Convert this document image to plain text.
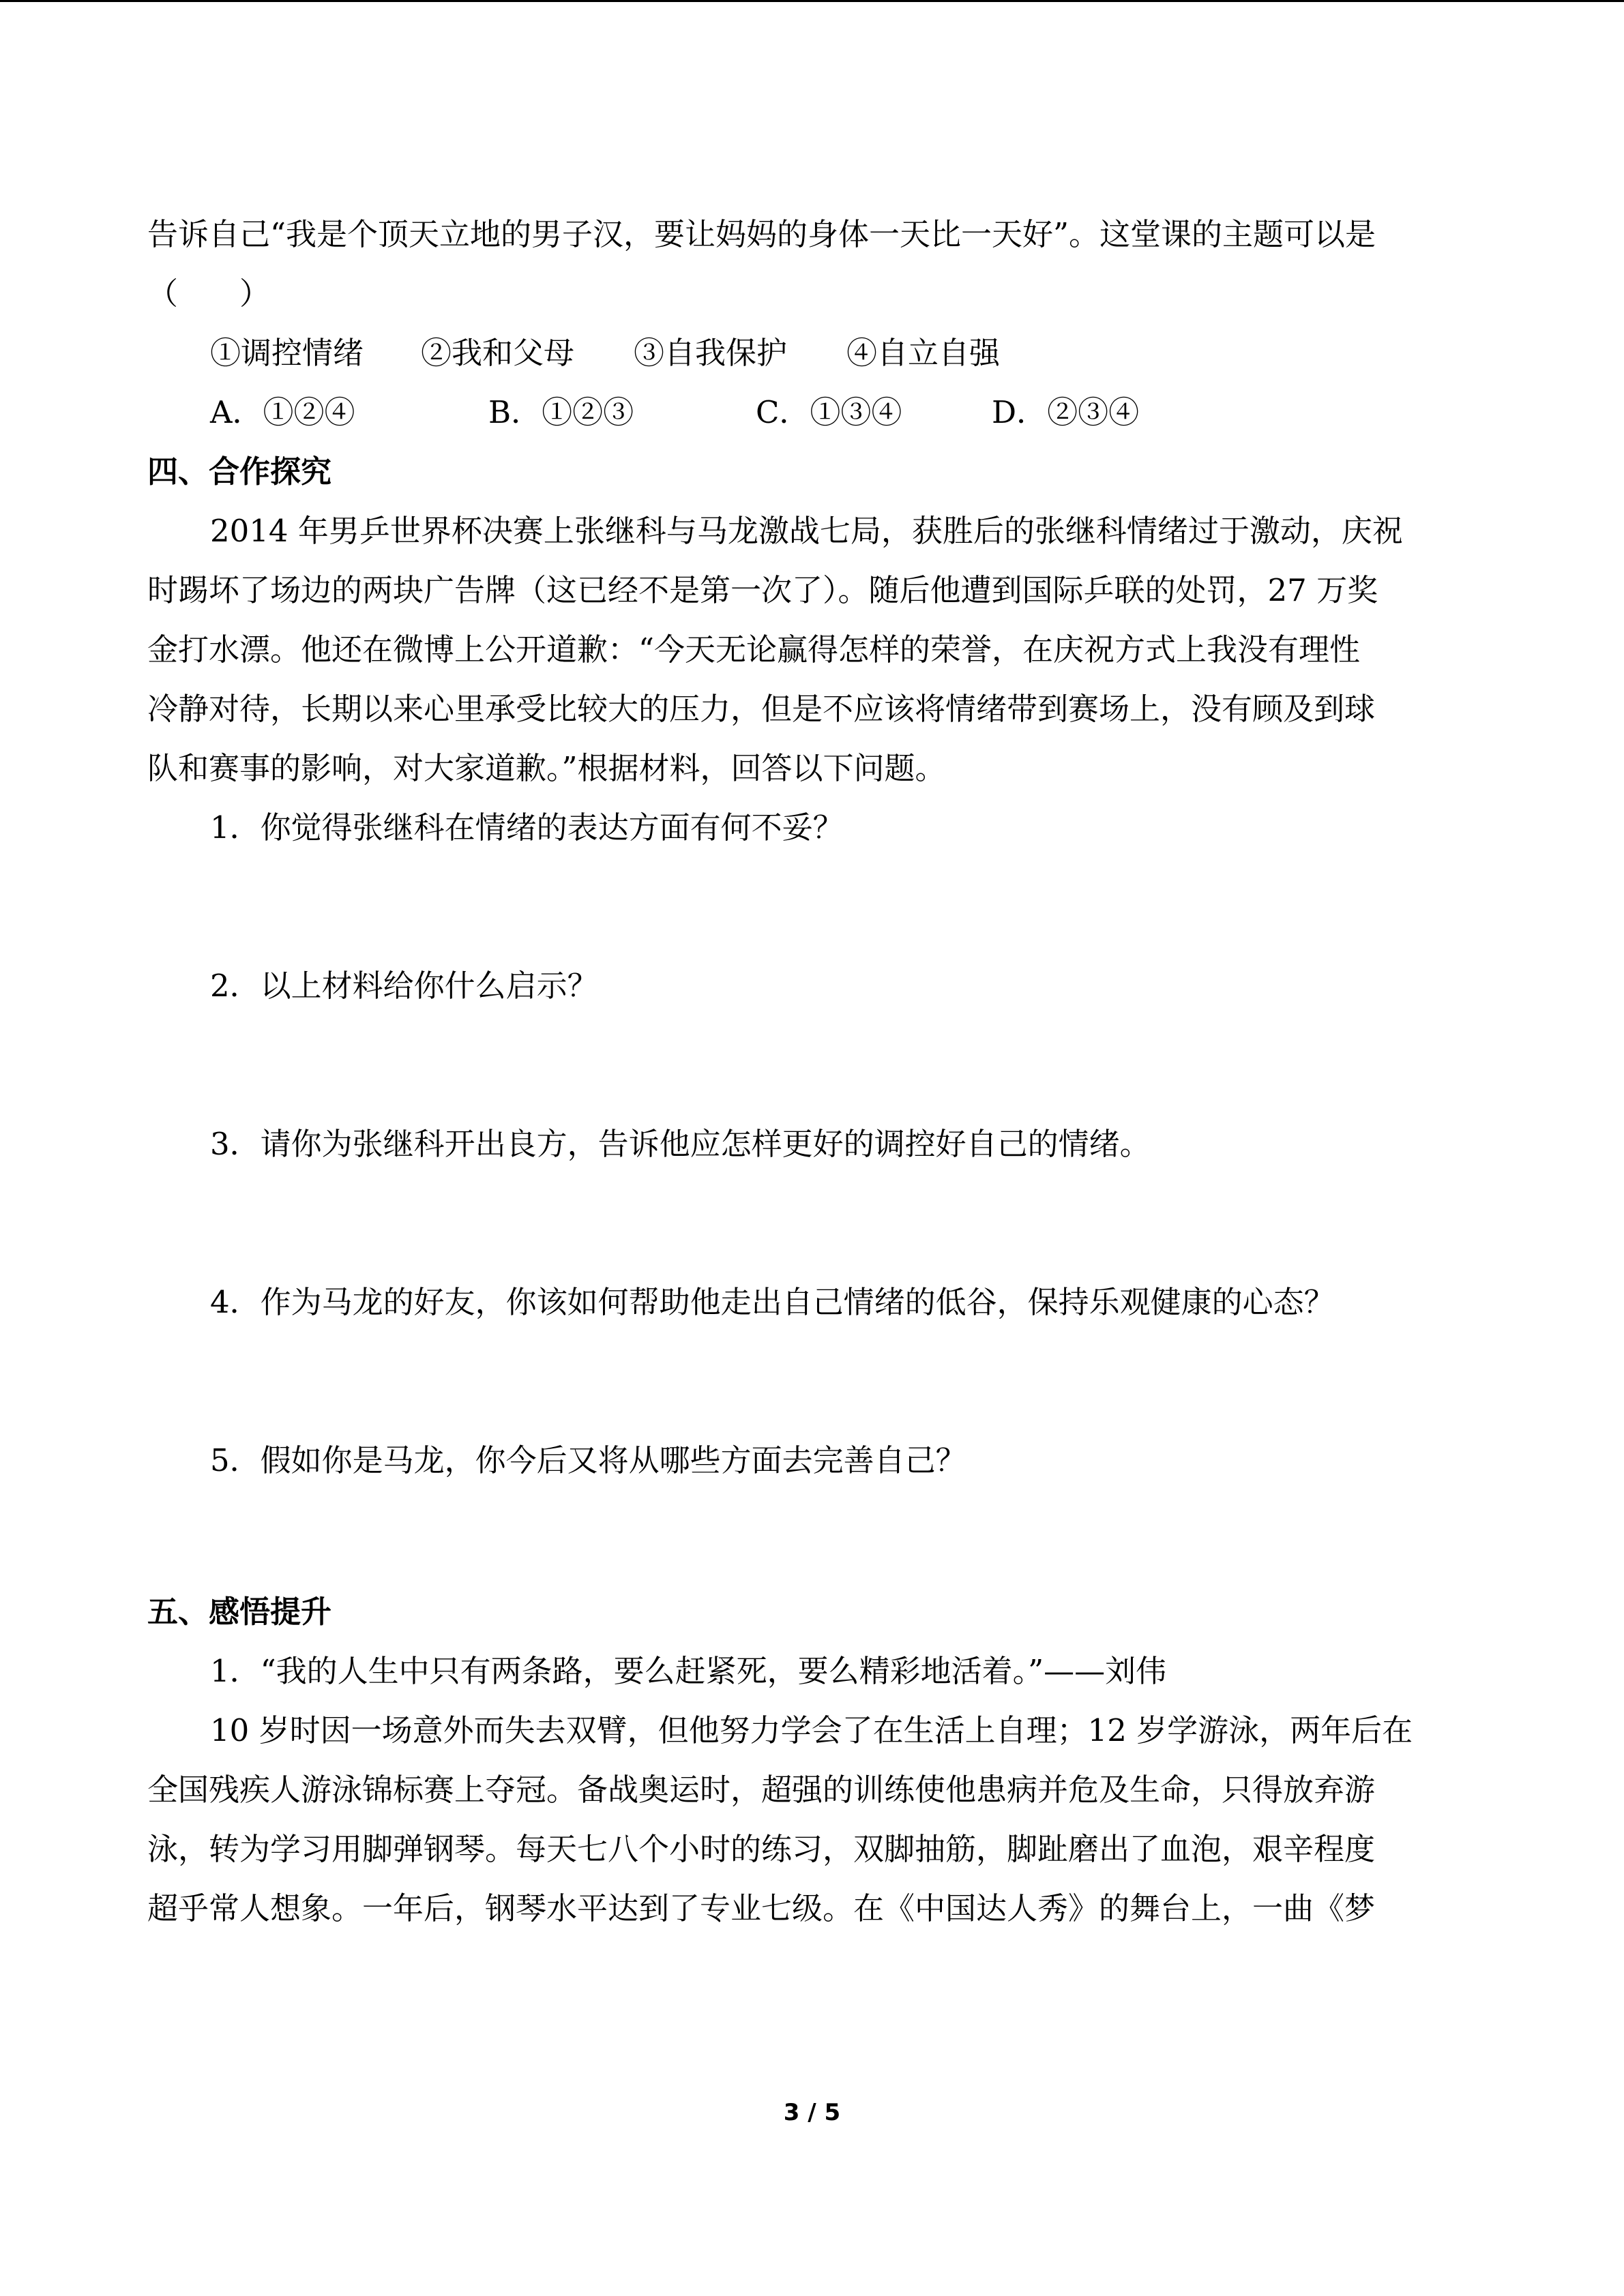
告诉自己“我是个顶天立地的男子汉，要让妈妈的身体一天比一天好”。这堂课的主题可以是
（　　）
①调控情绪	②我和父母	③自我保护	④自立自强
A．①②④	B．①②③	C．①③④	D．②③④
四、合作探究
2014 年男乒世界杯决赛上张继科与马龙激战七局，获胜后的张继科情绪过于激动，庆祝
时踢坏了场边的两块广告牌（这已经不是第一次了）。随后他遭到国际乒联的处罚，27 万奖
金打水漂。他还在微博上公开道歉：“今天无论赢得怎样的荣誉，在庆祝方式上我没有理性
冷静对待，长期以来心里承受比较大的压力，但是不应该将情绪带到赛场上，没有顾及到球
队和赛事的影响，对大家道歉。”根据材料，回答以下问题。
1．你觉得张继科在情绪的表达方面有何不妥？
2．以上材料给你什么启示？
3．请你为张继科开出良方，告诉他应怎样更好的调控好自己的情绪。
4．作为马龙的好友，你该如何帮助他走出自己情绪的低谷，保持乐观健康的心态？
5．假如你是马龙，你今后又将从哪些方面去完善自己？
五、感悟提升
1．“我的人生中只有两条路，要么赶紧死，要么精彩地活着。”——刘伟
10 岁时因一场意外而失去双臂，但他努力学会了在生活上自理；12 岁学游泳，两年后在
全国残疾人游泳锦标赛上夺冠。备战奥运时，超强的训练使他患病并危及生命，只得放弃游
泳，转为学习用脚弹钢琴。每天七八个小时的练习，双脚抽筋，脚趾磨出了血泡，艰辛程度
超乎常人想象。一年后，钢琴水平达到了专业七级。在《中国达人秀》的舞台上，一曲《梦
3 / 5
